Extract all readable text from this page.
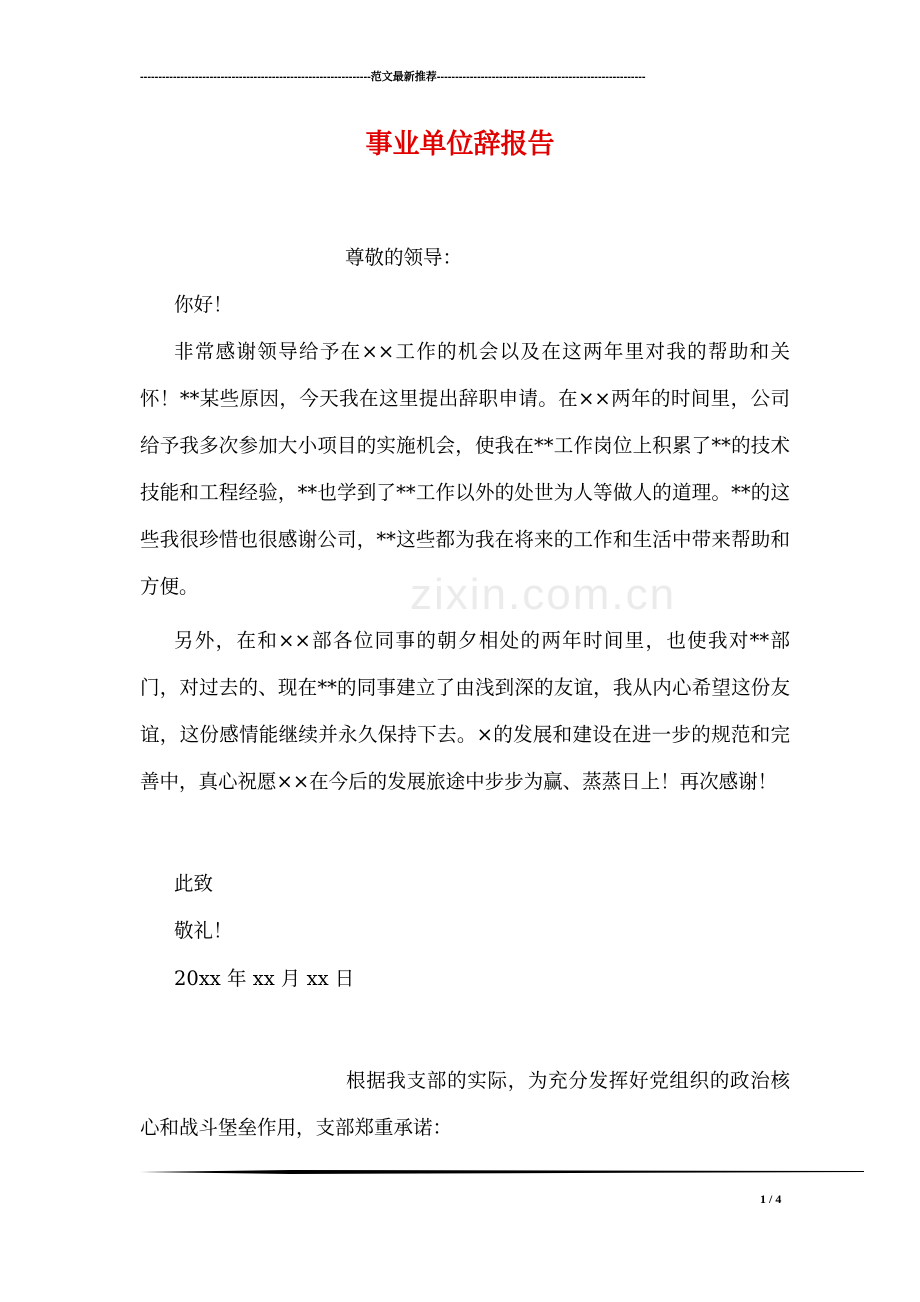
---------------------------------------------------------------范文最新推荐---------------------------------------------------------
事业单位辞报告
zixin.com.cn

尊敬的领导：

你好！

非常感谢领导给予在××工作的机会以及在这两年里对我的帮助和关怀！**某些原因，今天我在这里提出辞职申请。在××两年的时间里，公司给予我多次参加大小项目的实施机会，使我在**工作岗位上积累了**的技术技能和工程经验，**也学到了**工作以外的处世为人等做人的道理。**的这些我很珍惜也很感谢公司，**这些都为我在将来的工作和生活中带来帮助和方便。

另外，在和××部各位同事的朝夕相处的两年时间里，也使我对**部门，对过去的、现在**的同事建立了由浅到深的友谊，我从内心希望这份友谊，这份感情能继续并永久保持下去。×的发展和建设在进一步的规范和完善中，真心祝愿××在今后的发展旅途中步步为赢、蒸蒸日上！再次感谢！

此致

敬礼！

20xx 年 xx 月 xx 日

根据我支部的实际，为充分发挥好党组织的政治核心和战斗堡垒作用，支部郑重承诺：

1 / 4
